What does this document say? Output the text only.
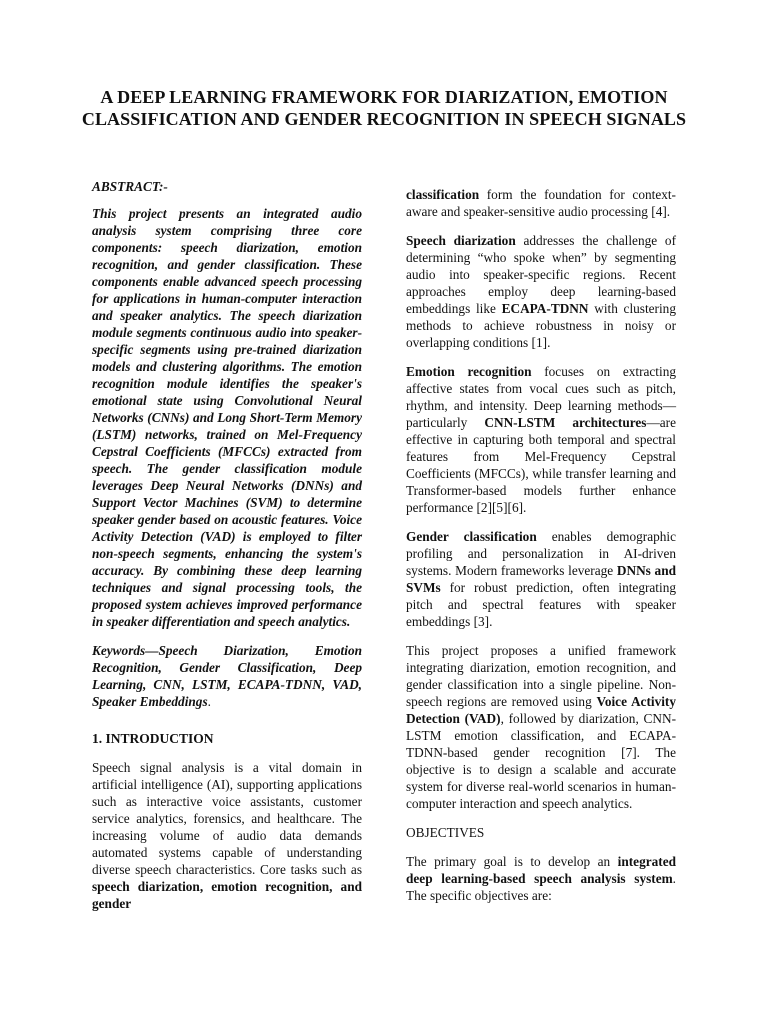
A DEEP LEARNING FRAMEWORK FOR DIARIZATION, EMOTION CLASSIFICATION AND GENDER RECOGNITION IN SPEECH SIGNALS

ABSTRACT:-

This project presents an integrated audio analysis system comprising three core components: speech diarization, emotion recognition, and gender classification. These components enable advanced speech processing for applications in human-computer interaction and speaker analytics. The speech diarization module segments continuous audio into speaker-specific segments using pre-trained diarization models and clustering algorithms. The emotion recognition module identifies the speaker's emotional state using Convolutional Neural Networks (CNNs) and Long Short-Term Memory (LSTM) networks, trained on Mel-Frequency Cepstral Coefficients (MFCCs) extracted from speech. The gender classification module leverages Deep Neural Networks (DNNs) and Support Vector Machines (SVM) to determine speaker gender based on acoustic features. Voice Activity Detection (VAD) is employed to filter non-speech segments, enhancing the system's accuracy. By combining these deep learning techniques and signal processing tools, the proposed system achieves improved performance in speaker differentiation and speech analytics.

Keywords—Speech Diarization, Emotion Recognition, Gender Classification, Deep Learning, CNN, LSTM, ECAPA-TDNN, VAD, Speaker Embeddings.

1. INTRODUCTION

Speech signal analysis is a vital domain in artificial intelligence (AI), supporting applications such as interactive voice assistants, customer service analytics, forensics, and healthcare. The increasing volume of audio data demands automated systems capable of understanding diverse speech characteristics. Core tasks such as speech diarization, emotion recognition, and gender

classification form the foundation for context-aware and speaker-sensitive audio processing [4].

Speech diarization addresses the challenge of determining “who spoke when” by segmenting audio into speaker-specific regions. Recent approaches employ deep learning-based embeddings like ECAPA-TDNN with clustering methods to achieve robustness in noisy or overlapping conditions [1].

Emotion recognition focuses on extracting affective states from vocal cues such as pitch, rhythm, and intensity. Deep learning methods—particularly CNN-LSTM architectures—are effective in capturing both temporal and spectral features from Mel-Frequency Cepstral Coefficients (MFCCs), while transfer learning and Transformer-based models further enhance performance [2][5][6].

Gender classification enables demographic profiling and personalization in AI-driven systems. Modern frameworks leverage DNNs and SVMs for robust prediction, often integrating pitch and spectral features with speaker embeddings [3].

This project proposes a unified framework integrating diarization, emotion recognition, and gender classification into a single pipeline. Non-speech regions are removed using Voice Activity Detection (VAD), followed by diarization, CNN-LSTM emotion classification, and ECAPA-TDNN-based gender recognition [7]. The objective is to design a scalable and accurate system for diverse real-world scenarios in human-computer interaction and speech analytics.

OBJECTIVES

The primary goal is to develop an integrated deep learning-based speech analysis system. The specific objectives are:
